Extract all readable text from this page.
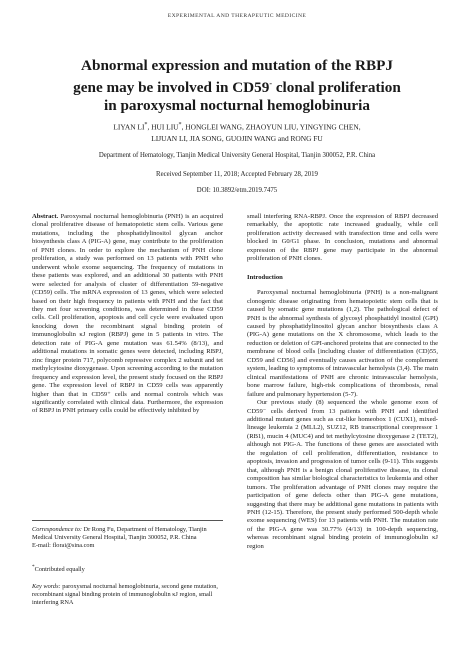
EXPERIMENTAL AND THERAPEUTIC MEDICINE
Abnormal expression and mutation of the RBPJ
gene may be involved in CD59- clonal proliferation
in paroxysmal nocturnal hemoglobinuria
LIYAN LI*, HUI LIU*, HONGLEI WANG, ZHAOYUN LIU, YINGYING CHEN,
LIJUAN LI, JIA SONG, GUOJIN WANG and RONG FU
Department of Hematology, Tianjin Medical University General Hospital, Tianjin 300052, P.R. China
Received September 11, 2018; Accepted February 28, 2019
DOI: 10.3892/etm.2019.7475

Abstract. Paroxysmal nocturnal hemoglobinuria (PNH) is an acquired clonal proliferative disease of hematopoietic stem cells. Various gene mutations, including the phosphatidylinositol glycan anchor biosynthesis class A (PIG-A) gene, may contribute to the proliferation of PNH clones. In order to explore the mechanism of PNH clone proliferation, a study was performed on 13 patients with PNH who underwent whole exome sequencing. The frequency of mutations in these patients was explored, and an additional 30 patients with PNH were selected for analysis of cluster of differentiation 59-negative (CD59) cells. The mRNA expression of 13 genes, which were selected based on their high frequency in patients with PNH and the fact that they met four screening conditions, was determined in these CD59 cells. Cell proliferation, apoptosis and cell cycle were evaluated upon knocking down the recombinant signal binding protein of immunoglobulin κJ region (RBPJ) gene in 5 patients in vitro. The detection rate of PIG-A gene mutation was 61.54% (8/13), and additional mutations in somatic genes were detected, including RBPJ, zinc finger protein 717, polycomb repressive complex 2 subunit and tet methylcytosine dioxygenase. Upon screening according to the mutation frequency and expression level, the present study focused on the RBPJ gene. The expression level of RBPJ in CD59 cells was apparently higher than that in CD59⁺ cells and normal controls which was significantly correlated with clinical data. Furthermore, the expression of RBPJ in PNH primary cells could be effectively inhibited by

Correspondence to: Dr Rong Fu, Department of Hematology, Tianjin Medical University General Hospital, Tianjin 300052, P.R. China
E-mail: florai@sina.com
*Contributed equally
Key words: paroxysmal nocturnal hemoglobinuria, second gene mutation, recombinant signal binding protein of immunoglobulin κJ region, small interfering RNA

small interfering RNA-RBPJ. Once the expression of RBPJ decreased remarkably, the apoptotic rate increased gradually, while cell proliferation activity decreased with transfection time and cells were blocked in G0/G1 phase. In conclusion, mutations and abnormal expression of the RBPJ gene may participate in the abnormal proliferation of PNH clones.

Introduction

Paroxysmal nocturnal hemoglobinuria (PNH) is a non-malignant clonogenic disease originating from hematopoietic stem cells that is caused by somatic gene mutations (1,2). The pathological defect of PNH is the abnormal synthesis of glycosyl phosphatidyl inositol (GPI) caused by phosphatidylinositol glycan anchor biosynthesis class A (PIG-A) gene mutations on the X chromosome, which leads to the reduction or deletion of GPI-anchored proteins that are connected to the membrane of blood cells [including cluster of differentiation (CD)55, CD59 and CD56] and eventually causes activation of the complement system, leading to symptoms of intravascular hemolysis (3,4). The main clinical manifestations of PNH are chronic intravascular hemolysis, bone marrow failure, high-risk complications of thrombosis, renal failure and pulmonary hypertension (5-7).

Our previous study (8) sequenced the whole genome exon of CD59⁻ cells derived from 13 patients with PNH and identified additional mutant genes such as cut-like homeobox 1 (CUX1), mixed-lineage leukemia 2 (MLL2), SUZ12, RB transcriptional corepressor 1 (RB1), mucin 4 (MUC4) and tet methylcytosine dioxygenase 2 (TET2), although not PIG-A. The functions of these genes are associated with the regulation of cell proliferation, differentiation, resistance to apoptosis, invasion and progression of tumor cells (9-11). This suggests that, although PNH is a benign clonal proliferative disease, its clonal composition has similar biological characteristics to leukemia and other tumors. The proliferation advantage of PNH clones may require the participation of gene defects other than PIG-A gene mutations, suggesting that there may be additional gene mutations in patients with PNH (12-15). Therefore, the present study performed 500-depth whole exome sequencing (WES) for 13 patients with PNH. The mutation rate of the PIG-A gene was 30.77% (4/13) in 100-depth sequencing, whereas recombinant signal binding protein of immunoglobulin κJ region
